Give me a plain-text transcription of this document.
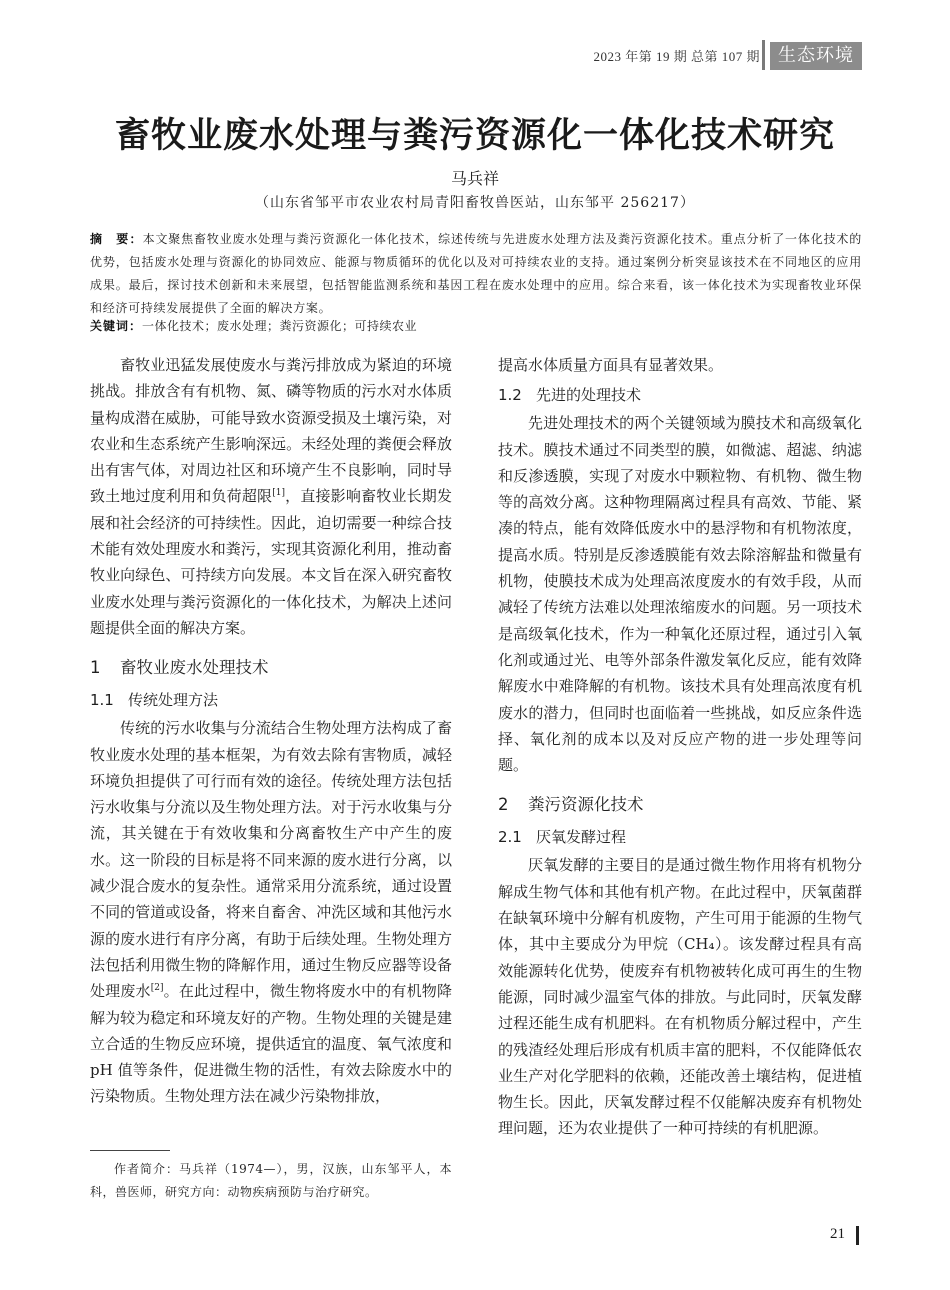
2023 年第 19 期 总第 107 期	生态环境
畜牧业废水处理与粪污资源化一体化技术研究
马兵祥
（山东省邹平市农业农村局青阳畜牧兽医站，山东邹平 256217）
摘　要：本文聚焦畜牧业废水处理与粪污资源化一体化技术，综述传统与先进废水处理方法及粪污资源化技术。重点分析了一体化技术的优势，包括废水处理与资源化的协同效应、能源与物质循环的优化以及对可持续农业的支持。通过案例分析突显该技术在不同地区的应用成果。最后，探讨技术创新和未来展望，包括智能监测系统和基因工程在废水处理中的应用。综合来看，该一体化技术为实现畜牧业环保和经济可持续发展提供了全面的解决方案。
关键词：一体化技术；废水处理；粪污资源化；可持续农业

畜牧业迅猛发展使废水与粪污排放成为紧迫的环境挑战。排放含有有机物、氮、磷等物质的污水对水体质量构成潜在威胁，可能导致水资源受损及土壤污染，对农业和生态系统产生影响深远。未经处理的粪便会释放出有害气体，对周边社区和环境产生不良影响，同时导致土地过度利用和负荷超限[1]，直接影响畜牧业长期发展和社会经济的可持续性。因此，迫切需要一种综合技术能有效处理废水和粪污，实现其资源化利用，推动畜牧业向绿色、可持续方向发展。本文旨在深入研究畜牧业废水处理与粪污资源化的一体化技术，为解决上述问题提供全面的解决方案。

1 畜牧业废水处理技术
1.1 传统处理方法

传统的污水收集与分流结合生物处理方法构成了畜牧业废水处理的基本框架，为有效去除有害物质，减轻环境负担提供了可行而有效的途径。传统处理方法包括污水收集与分流以及生物处理方法。对于污水收集与分流，其关键在于有效收集和分离畜牧生产中产生的废水。这一阶段的目标是将不同来源的废水进行分离，以减少混合废水的复杂性。通常采用分流系统，通过设置不同的管道或设备，将来自畜舍、冲洗区域和其他污水源的废水进行有序分离，有助于后续处理。生物处理方法包括利用微生物的降解作用，通过生物反应器等设备处理废水[2]。在此过程中，微生物将废水中的有机物降解为较为稳定和环境友好的产物。生物处理的关键是建立合适的生物反应环境，提供适宜的温度、氧气浓度和 pH 值等条件，促进微生物的活性，有效去除废水中的污染物质。生物处理方法在减少污染物排放，

作者简介：马兵祥（1974—），男，汉族，山东邹平人，本科，兽医师，研究方向：动物疾病预防与治疗研究。

提高水体质量方面具有显著效果。

1.2 先进的处理技术

先进处理技术的两个关键领域为膜技术和高级氧化技术。膜技术通过不同类型的膜，如微滤、超滤、纳滤和反渗透膜，实现了对废水中颗粒物、有机物、微生物等的高效分离。这种物理隔离过程具有高效、节能、紧凑的特点，能有效降低废水中的悬浮物和有机物浓度，提高水质。特别是反渗透膜能有效去除溶解盐和微量有机物，使膜技术成为处理高浓度废水的有效手段，从而减轻了传统方法难以处理浓缩废水的问题。另一项技术是高级氧化技术，作为一种氧化还原过程，通过引入氧化剂或通过光、电等外部条件激发氧化反应，能有效降解废水中难降解的有机物。该技术具有处理高浓度有机废水的潜力，但同时也面临着一些挑战，如反应条件选择、氧化剂的成本以及对反应产物的进一步处理等问题。

2 粪污资源化技术
2.1 厌氧发酵过程

厌氧发酵的主要目的是通过微生物作用将有机物分解成生物气体和其他有机产物。在此过程中，厌氧菌群在缺氧环境中分解有机废物，产生可用于能源的生物气体，其中主要成分为甲烷（CH₄）。该发酵过程具有高效能源转化优势，使废弃有机物被转化成可再生的生物能源，同时减少温室气体的排放。与此同时，厌氧发酵过程还能生成有机肥料。在有机物质分解过程中，产生的残渣经处理后形成有机质丰富的肥料，不仅能降低农业生产对化学肥料的依赖，还能改善土壤结构，促进植物生长。因此，厌氧发酵过程不仅能解决废弃有机物处理问题，还为农业提供了一种可持续的有机肥源。

21
